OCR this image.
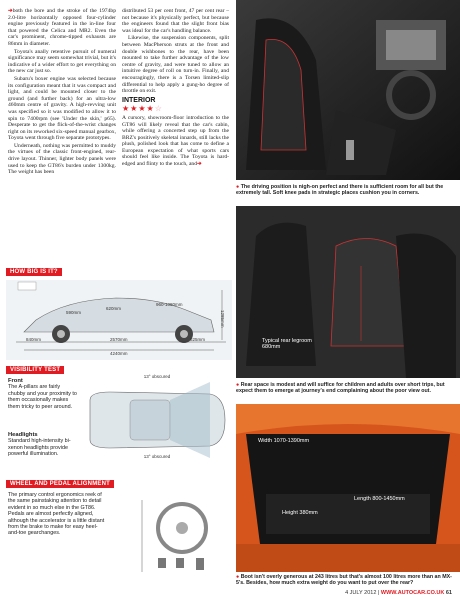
➔both the bore and the stroke of the 1974bp 2.0-litre horizontally opposed four-cylinder engine previously featured in the in-line four that powered the Celica and MR2. Even the car's prominent, chrome-tipped exhausts are 86mm in diameter.

Toyota's anally retentive pursuit of numeral significance may seem somewhat trivial, but it's indicative of a wider effort to get everything on the new car just so.

Subaru's boxer engine was selected because its configuration meant that it was compact and light, and could be mounted closer to the ground (and further back) for an ultra-low 460mm centre of gravity. A high-revving unit was specified so it was modified to allow it to spin to 7400rpm (see 'Under the skin,' p65). Desperate to get the flick-of-the-wrist changes right on its reworked six-speed manual gearbox, Toyota went through five separate prototypes.

Underneath, nothing was permitted to muddy the virtues of the classic front-engined, rear-drive layout. Thinner, lighter body panels were used to keep the GT86's burden under 1300kg. The weight has been

distributed 53 per cent front, 47 per cent rear – not because it's physically perfect, but because the engineers found that the slight front bias was ideal for the car's handling balance.

Likewise, the suspension components, split between MacPherson struts at the front and double wishbones to the rear, have been mounted to take further advantage of the low centre of gravity, and were tuned to allow an intuitive degree of roll on turn-in. Finally, and encouragingly, there is a Torsen limited-slip differential to help apply a gung-ho degree of throttle on exit.

INTERIOR
★★★★☆

A cursory, showroom-floor introduction to the GT86 will likely reveal that the car's cabin, while offering a concerted step up from the BRZ's positively skeletal innards, still lacks the plush, polished look that has come to define a European expectation of what sports cars should feel like inside. The Toyota is hard-edged and flinty to the touch, and➔

● The driving position is nigh-on perfect and there is sufficient room for all but the extremely tall. Soft knee pads in strategic places cushion you in corners.
HOW BIG IS IT?
840mm	2570mm	825mm
4240mm
1285mm
960-1080mm
620mm
590mm
VISIBILITY TEST
Front
The A-pillars are fairly chubby and your proximity to them occasionally makes them tricky to peer around.
Headlights
Standard high-intensity bi-xenon headlights provide powerful illumination.
13° obscured
13° obscured
WHEEL AND PEDAL ALIGNMENT
The primary control ergonomics reek of the same painstaking attention to detail evident in so much else in the GT86. Pedals are almost perfectly aligned, although the accelerator is a little distant from the brake to make for easy heel-and-toe gearchanges.
Typical rear legroom 680mm
● Rear space is modest and will suffice for children and adults over short trips, but expect them to emerge at journey's end complaining about the poor view out.
Width 1070-1390mm
Length 800-1450mm
Height 380mm
● Boot isn't overly generous at 243 litres but that's almost 100 litres more than an MX-5's. Besides, how much extra weight do you want to put over the rear?
4 JULY 2012 | WWW.AUTOCAR.CO.UK 61
